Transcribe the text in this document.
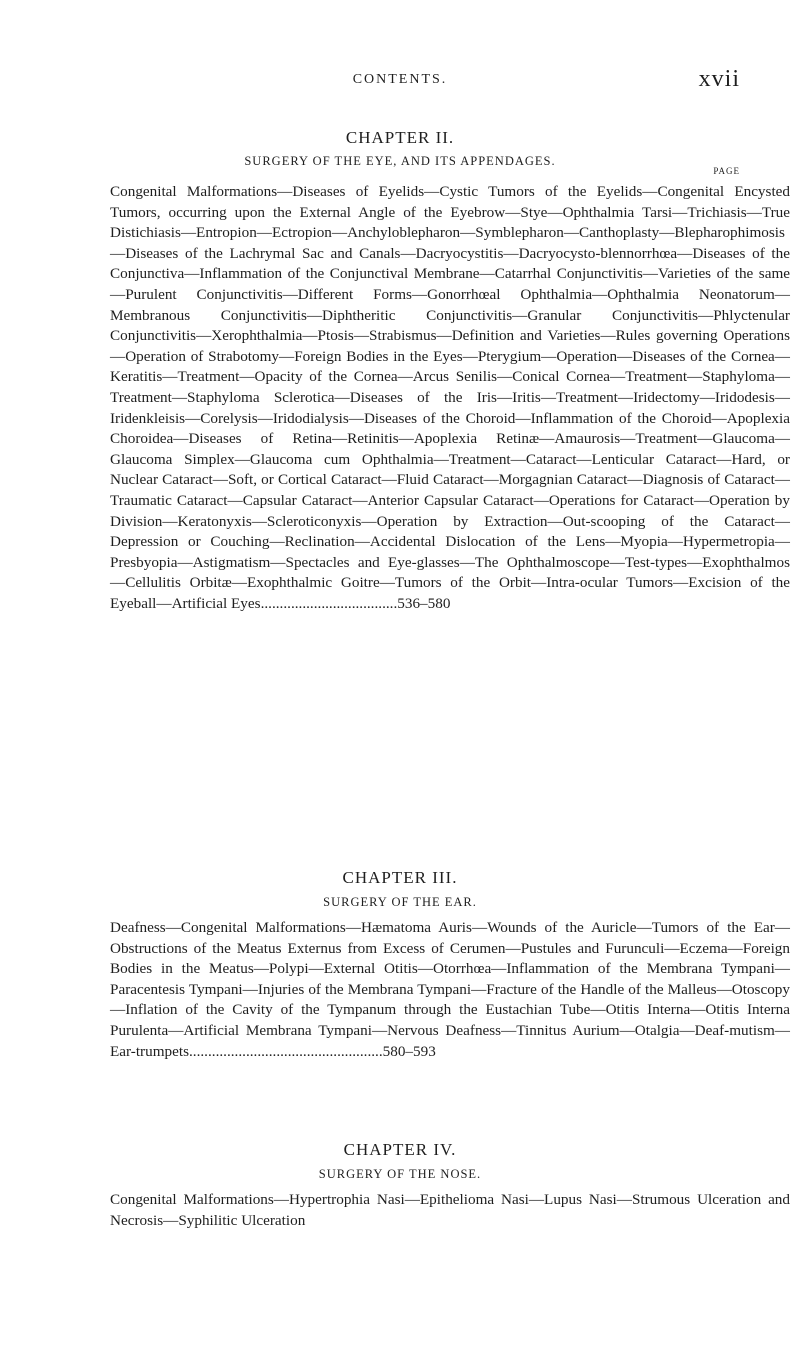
CONTENTS.	xvii
CHAPTER II.
SURGERY OF THE EYE, AND ITS APPENDAGES.
PAGE
Congenital Malformations—Diseases of Eyelids—Cystic Tumors of the Eyelids—Congenital Encysted Tumors, occurring upon the External Angle of the Eyebrow—Stye—Ophthalmia Tarsi—Trichiasis—True Distichiasis—Entropion—Ectropion—Anchyloblepharon—Symblepharon—Canthoplasty—Blepharophimosis—Diseases of the Lachrymal Sac and Canals—Dacryocystitis—Dacryocysto-blennorrhœa—Diseases of the Conjunctiva—Inflammation of the Conjunctival Membrane—Catarrhal Conjunctivitis—Varieties of the same—Purulent Conjunctivitis—Different Forms—Gonorrhœal Ophthalmia—Ophthalmia Neonatorum—Membranous Conjunctivitis—Diphtheritic Conjunctivitis—Granular Conjunctivitis—Phlyctenular Conjunctivitis—Xerophthalmia—Ptosis—Strabismus—Definition and Varieties—Rules governing Operations—Operation of Strabotomy—Foreign Bodies in the Eyes—Pterygium—Operation—Diseases of the Cornea—Keratitis—Treatment—Opacity of the Cornea—Arcus Senilis—Conical Cornea—Treatment—Staphyloma—Treatment—Staphyloma Sclerotica—Diseases of the Iris—Iritis—Treatment—Iridectomy—Iridodesis—Iridenkleisis—Corelysis—Iridodialysis—Diseases of the Choroid—Inflammation of the Choroid—Apoplexia Choroidea—Diseases of Retina—Retinitis—Apoplexia Retinæ—Amaurosis—Treatment—Glaucoma—Glaucoma Simplex—Glaucoma cum Ophthalmia—Treatment—Cataract—Lenticular Cataract—Hard, or Nuclear Cataract—Soft, or Cortical Cataract—Fluid Cataract—Morgagnian Cataract—Diagnosis of Cataract—Traumatic Cataract—Capsular Cataract—Anterior Capsular Cataract—Operations for Cataract—Operation by Division—Keratonyxis—Scleroticonyxis—Operation by Extraction—Out-scooping of the Cataract—Depression or Couching—Reclination—Accidental Dislocation of the Lens—Myopia—Hypermetropia—Presbyopia—Astigmatism—Spectacles and Eye-glasses—The Ophthalmoscope—Test-types—Exophthalmos—Cellulitis Orbitæ—Exophthalmic Goitre—Tumors of the Orbit—Intra-ocular Tumors—Excision of the Eyeball—Artificial Eyes....................................536–580
CHAPTER III.
SURGERY OF THE EAR.
Deafness—Congenital Malformations—Hæmatoma Auris—Wounds of the Auricle—Tumors of the Ear—Obstructions of the Meatus Externus from Excess of Cerumen—Pustules and Furunculi—Eczema—Foreign Bodies in the Meatus—Polypi—External Otitis—Otorrhœa—Inflammation of the Membrana Tympani—Paracentesis Tympani—Injuries of the Membrana Tympani—Fracture of the Handle of the Malleus—Otoscopy—Inflation of the Cavity of the Tympanum through the Eustachian Tube—Otitis Interna—Otitis Interna Purulenta—Artificial Membrana Tympani—Nervous Deafness—Tinnitus Aurium—Otalgia—Deaf-mutism—Ear-trumpets...................................................580–593
CHAPTER IV.
SURGERY OF THE NOSE.
Congenital Malformations—Hypertrophia Nasi—Epithelioma Nasi—Lupus Nasi—Strumous Ulceration and Necrosis—Syphilitic Ulceration
